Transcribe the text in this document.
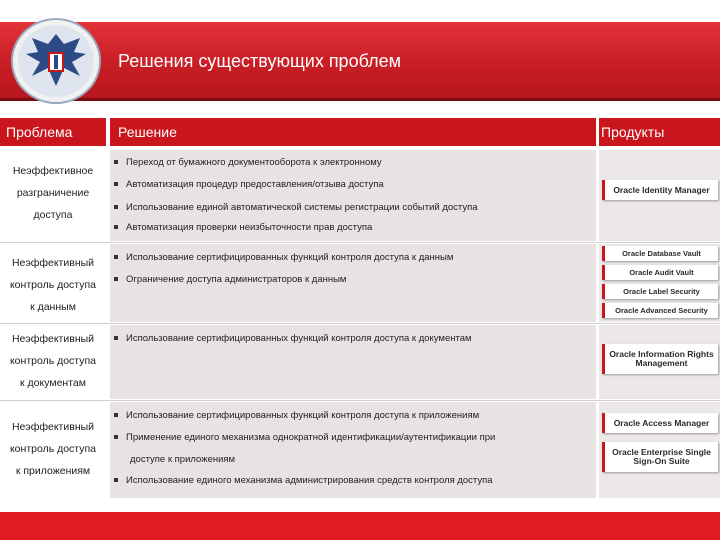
Решения существующих проблем
Проблема	Решение	Продукты
Неэффективное
разграничение
доступа
Переход от бумажного документооборота к электронному
Автоматизация процедур предоставления/отзыва доступа
Использование единой автоматической системы регистрации событий доступа
Автоматизация проверки неизбыточности прав доступа
Oracle Identity Manager
Неэффективный
контроль доступа
к данным
Использование сертифицированных функций контроля доступа к данным
Ограничение доступа администраторов к данным
Oracle Database Vault
Oracle Audit Vault
Oracle Label Security
Oracle Advanced Security
Неэффективный
контроль доступа
к документам
Использование сертифицированных функций контроля доступа к документам
Oracle Information Rights Management
Неэффективный
контроль доступа
к приложениям
Использование сертифицированных функций контроля доступа к приложениям
Применение единого механизма однократной идентификации/аутентификации при
доступе к приложениям
Использование единого механизма администрирования средств контроля доступа
Oracle Access Manager
Oracle Enterprise Single Sign-On Suite
